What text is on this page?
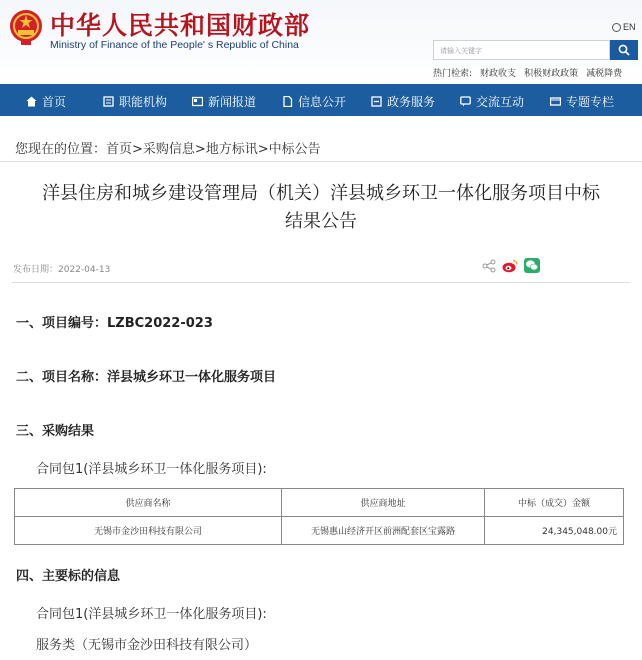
中华人民共和国财政部
Ministry of Finance of the People' s Republic of China
EN
请输入关键字
热门检索: 财政收支 积极财政政策 减税降费
首页	职能机构	新闻报道	信息公开	政务服务	交流互动	专题专栏
您现在的位置：首页>采购信息>地方标讯>中标公告
洋县住房和城乡建设管理局（机关）洋县城乡环卫一体化服务项目中标
结果公告
发布日期：2022-04-13
一、项目编号：LZBC2022-023
二、项目名称：洋县城乡环卫一体化服务项目
三、采购结果
合同包1(洋县城乡环卫一体化服务项目):
供应商名称	供应商地址	中标（成交）金额
无锡市金沙田科技有限公司	无锡惠山经济开区前洲配套区宝露路	24,345,048.00元
四、主要标的信息
合同包1(洋县城乡环卫一体化服务项目):
服务类（无锡市金沙田科技有限公司）
